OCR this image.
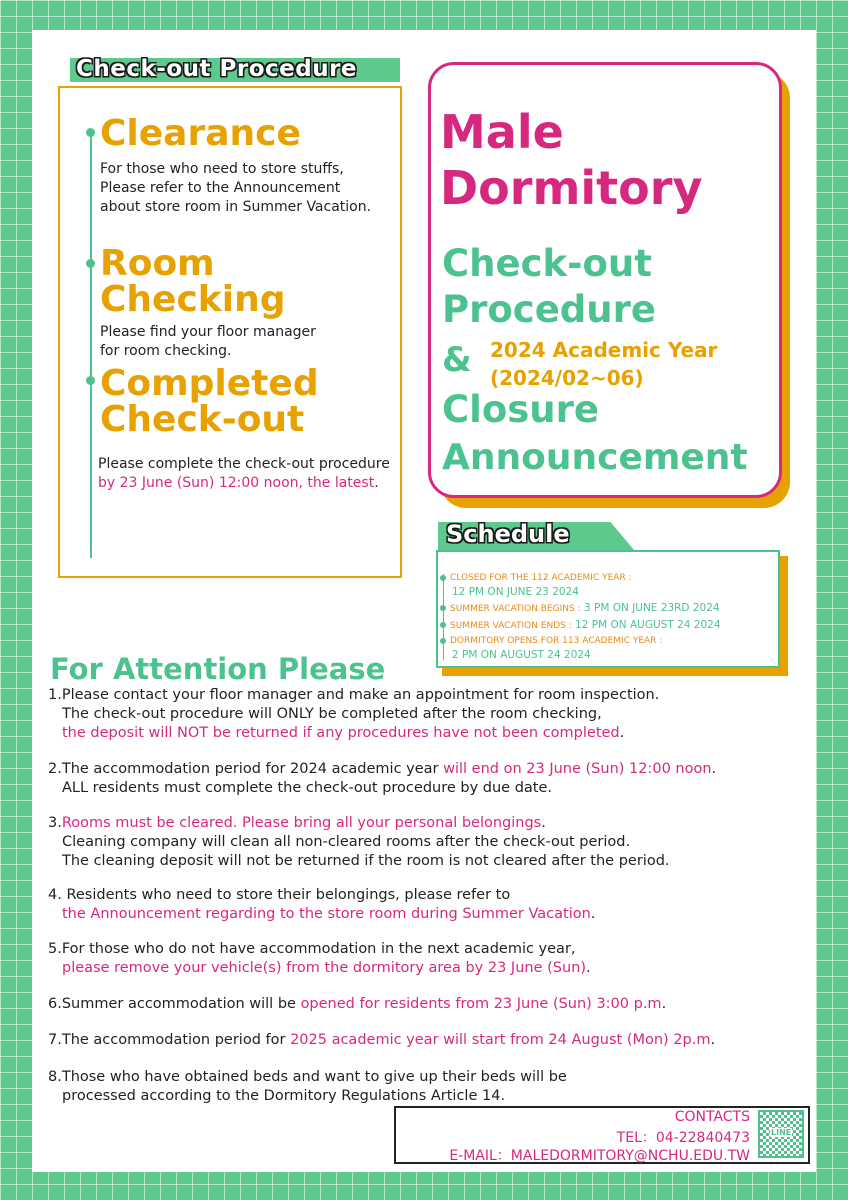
Check-out Procedure
Clearance
For those who need to store stuffs,
Please refer to the Announcement
about store room in Summer Vacation.
Room
Checking
Please find your floor manager
for room checking.
Completed
Check-out
Please complete the check-out procedure
by 23 June (Sun) 12:00 noon, the latest.
Male
Dormitory
Check-out
Procedure
& 2024 Academic Year
(2024/02~06)
Closure
Announcement
Schedule
CLOSED FOR THE 112 ACADEMIC YEAR :
12 PM ON JUNE 23 2024
SUMMER VACATION BEGINS : 3 PM ON JUNE 23RD 2024
SUMMER VACATION ENDS : 12 PM ON AUGUST 24 2024
DORMITORY OPENS FOR 113 ACADEMIC YEAR :
2 PM ON AUGUST 24 2024
For Attention Please
1.Please contact your floor manager and make an appointment for room inspection.
The check-out procedure will ONLY be completed after the room checking,
the deposit will NOT be returned if any procedures have not been completed.
2.The accommodation period for 2024 academic year will end on 23 June (Sun) 12:00 noon.
ALL residents must complete the check-out procedure by due date.
3.Rooms must be cleared. Please bring all your personal belongings.
Cleaning company will clean all non-cleared rooms after the check-out period.
The cleaning deposit will not be returned if the room is not cleared after the period.
4. Residents who need to store their belongings, please refer to
the Announcement regarding to the store room during Summer Vacation.
5.For those who do not have accommodation in the next academic year,
please remove your vehicle(s) from the dormitory area by 23 June (Sun).
6.Summer accommodation will be opened for residents from 23 June (Sun) 3:00 p.m.
7.The accommodation period for 2025 academic year will start from 24 August (Mon) 2p.m.
8.Those who have obtained beds and want to give up their beds will be
processed according to the Dormitory Regulations Article 14.
CONTACTS
TEL：04-22840473
E-MAIL：MALEDORMITORY@NCHU.EDU.TW
LINE
